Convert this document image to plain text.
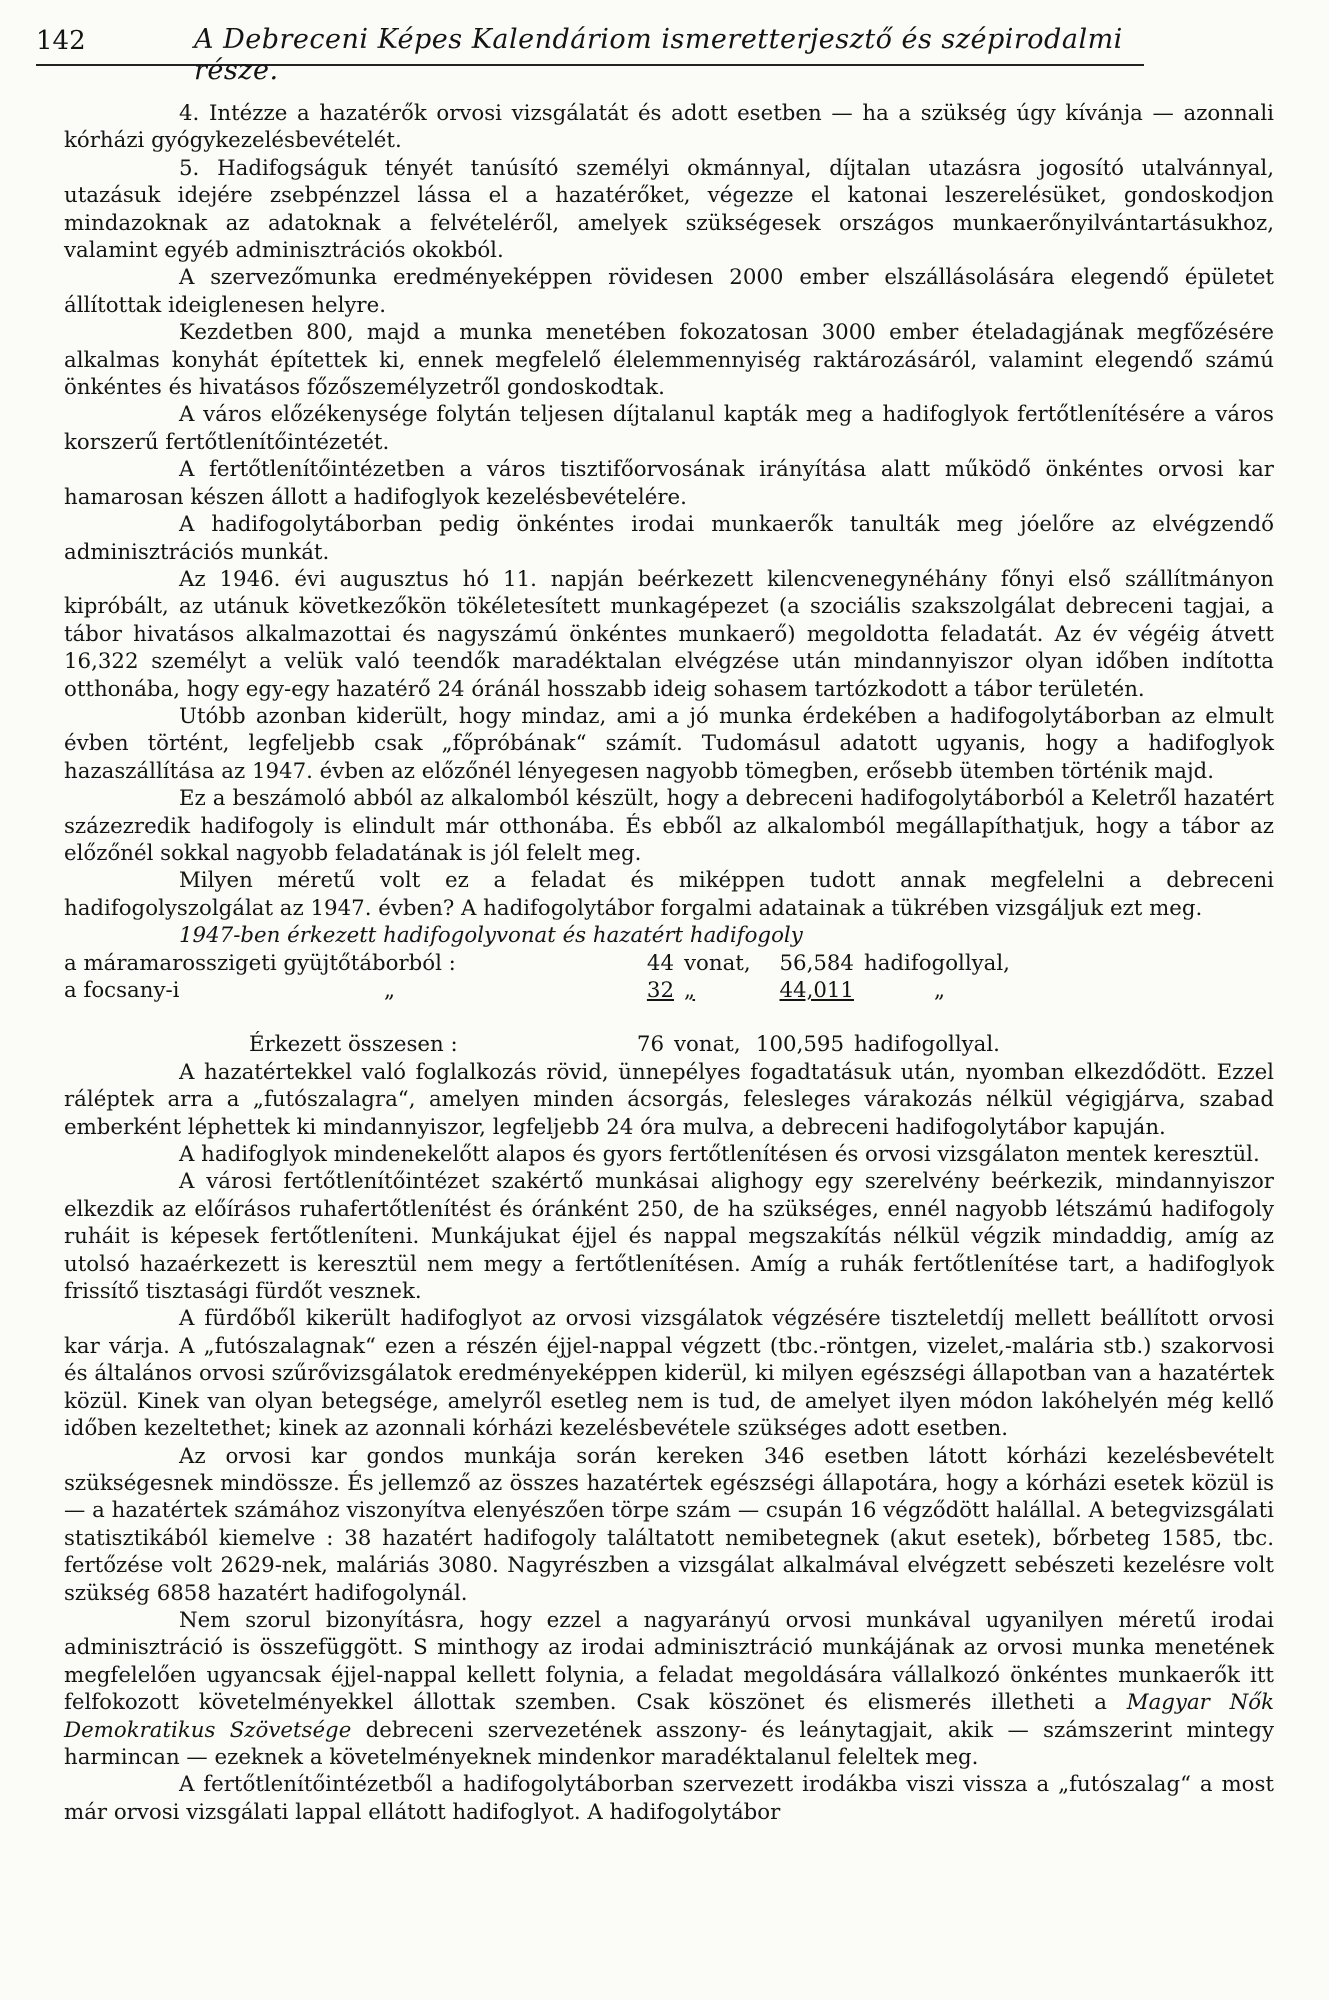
142	A Debreceni Képes Kalendáriom ismeretterjesztő és szépirodalmi része.

4. Intézze a hazatérők orvosi vizsgálatát és adott esetben — ha a szükség úgy kívánja — azonnali kórházi gyógykezelésbevételét.

5. Hadifogságuk tényét tanúsító személyi okmánnyal, díjtalan utazásra jogosító utalvánnyal, utazásuk idejére zsebpénzzel lássa el a hazatérőket, végezze el katonai leszerelésüket, gondoskodjon mindazoknak az adatoknak a felvételéről, amelyek szükségesek országos munkaerőnyilvántartásukhoz, valamint egyéb adminisztrációs okokból.

A szervezőmunka eredményeképpen rövidesen 2000 ember elszállásolására elegendő épületet állítottak ideiglenesen helyre.

Kezdetben 800, majd a munka menetében fokozatosan 3000 ember ételadagjának megfőzésére alkalmas konyhát építettek ki, ennek megfelelő élelemmennyiség raktározásáról, valamint elegendő számú önkéntes és hivatásos főzőszemélyzetről gondoskodtak.

A város előzékenysége folytán teljesen díjtalanul kapták meg a hadifoglyok fertőtlenítésére a város korszerű fertőtlenítőintézetét.

A fertőtlenítőintézetben a város tisztifőorvosának irányítása alatt működő önkéntes orvosi kar hamarosan készen állott a hadifoglyok kezelésbevételére.

A hadifogolytáborban pedig önkéntes irodai munkaerők tanulták meg jóelőre az elvégzendő adminisztrációs munkát.

Az 1946. évi augusztus hó 11. napján beérkezett kilencvenegynéhány főnyi első szállítmányon kipróbált, az utánuk következőkön tökéletesített munkagépezet (a szociális szakszolgálat debreceni tagjai, a tábor hivatásos alkalmazottai és nagyszámú önkéntes munkaerő) megoldotta feladatát. Az év végéig átvett 16,322 személyt a velük való teendők maradéktalan elvégzése után mindannyiszor olyan időben indította otthonába, hogy egy-egy hazatérő 24 óránál hosszabb ideig sohasem tartózkodott a tábor területén.

Utóbb azonban kiderült, hogy mindaz, ami a jó munka érdekében a hadifogolytáborban az elmult évben történt, legfeljebb csak „főpróbának“ számít. Tudomásul adatott ugyanis, hogy a hadifoglyok hazaszállítása az 1947. évben az előzőnél lényegesen nagyobb tömegben, erősebb ütemben történik majd.

Ez a beszámoló abból az alkalomból készült, hogy a debreceni hadifogolytáborból a Keletről hazatért százezredik hadifogoly is elindult már otthonába. És ebből az alkalomból megállapíthatjuk, hogy a tábor az előzőnél sokkal nagyobb feladatának is jól felelt meg.

Milyen méretű volt ez a feladat és miképpen tudott annak megfelelni a debreceni hadifogolyszolgálat az 1947. évben? A hadifogolytábor forgalmi adatainak a tükrében vizsgáljuk ezt meg.

1947-ben érkezett hadifogolyvonat és hazatért hadifogoly
a máramarosszigeti gyüjtőtáborból :	44 vonat,	56,584 hadifogollyal,
a focsany-i	„	32 „	44,011	„
Érkezett összesen :	76 vonat, 100,595 hadifogollyal.

A hazatértekkel való foglalkozás rövid, ünnepélyes fogadtatásuk után, nyomban elkezdődött. Ezzel ráléptek arra a „futószalagra“, amelyen minden ácsorgás, felesleges várakozás nélkül végigjárva, szabad emberként léphettek ki mindannyiszor, legfeljebb 24 óra mulva, a debreceni hadifogolytábor kapuján.

A hadifoglyok mindenekelőtt alapos és gyors fertőtlenítésen és orvosi vizsgálaton mentek keresztül.

A városi fertőtlenítőintézet szakértő munkásai alighogy egy szerelvény beérkezik, mindannyiszor elkezdik az előírásos ruhafertőtlenítést és óránként 250, de ha szükséges, ennél nagyobb létszámú hadifogoly ruháit is képesek fertőtleníteni. Munkájukat éjjel és nappal megszakítás nélkül végzik mindaddig, amíg az utolsó hazaérkezett is keresztül nem megy a fertőtlenítésen. Amíg a ruhák fertőtlenítése tart, a hadifoglyok frissítő tisztasági fürdőt vesznek.

A fürdőből kikerült hadifoglyot az orvosi vizsgálatok végzésére tiszteletdíj mellett beállított orvosi kar várja. A „futószalagnak“ ezen a részén éjjel-nappal végzett (tbc.-röntgen, vizelet,-malária stb.) szakorvosi és általános orvosi szűrővizsgálatok eredményeképpen kiderül, ki milyen egészségi állapotban van a hazatértek közül. Kinek van olyan betegsége, amelyről esetleg nem is tud, de amelyet ilyen módon lakóhelyén még kellő időben kezeltethet; kinek az azonnali kórházi kezelésbevétele szükséges adott esetben.

Az orvosi kar gondos munkája során kereken 346 esetben látott kórházi kezelésbevételt szükségesnek mindössze. És jellemző az összes hazatértek egészségi állapotára, hogy a kórházi esetek közül is — a hazatértek számához viszonyítva elenyészően törpe szám — csupán 16 végződött halállal. A betegvizsgálati statisztikából kiemelve : 38 hazatért hadifogoly találtatott nemibetegnek (akut esetek), bőrbeteg 1585, tbc. fertőzése volt 2629-nek, maláriás 3080. Nagyrészben a vizsgálat alkalmával elvégzett sebészeti kezelésre volt szükség 6858 hazatért hadifogolynál.

Nem szorul bizonyításra, hogy ezzel a nagyarányú orvosi munkával ugyanilyen méretű irodai adminisztráció is összefüggött. S minthogy az irodai adminisztráció munkájának az orvosi munka menetének megfelelően ugyancsak éjjel-nappal kellett folynia, a feladat megoldására vállalkozó önkéntes munkaerők itt felfokozott követelményekkel állottak szemben. Csak köszönet és elismerés illetheti a Magyar Nők Demokratikus Szövetsége debreceni szervezetének asszony- és leánytagjait, akik — számszerint mintegy harmincan — ezeknek a követelményeknek mindenkor maradéktalanul feleltek meg.

A fertőtlenítőintézetből a hadifogolytáborban szervezett irodákba viszi vissza a „futószalag“ a most már orvosi vizsgálati lappal ellátott hadifoglyot. A hadifogolytábor
